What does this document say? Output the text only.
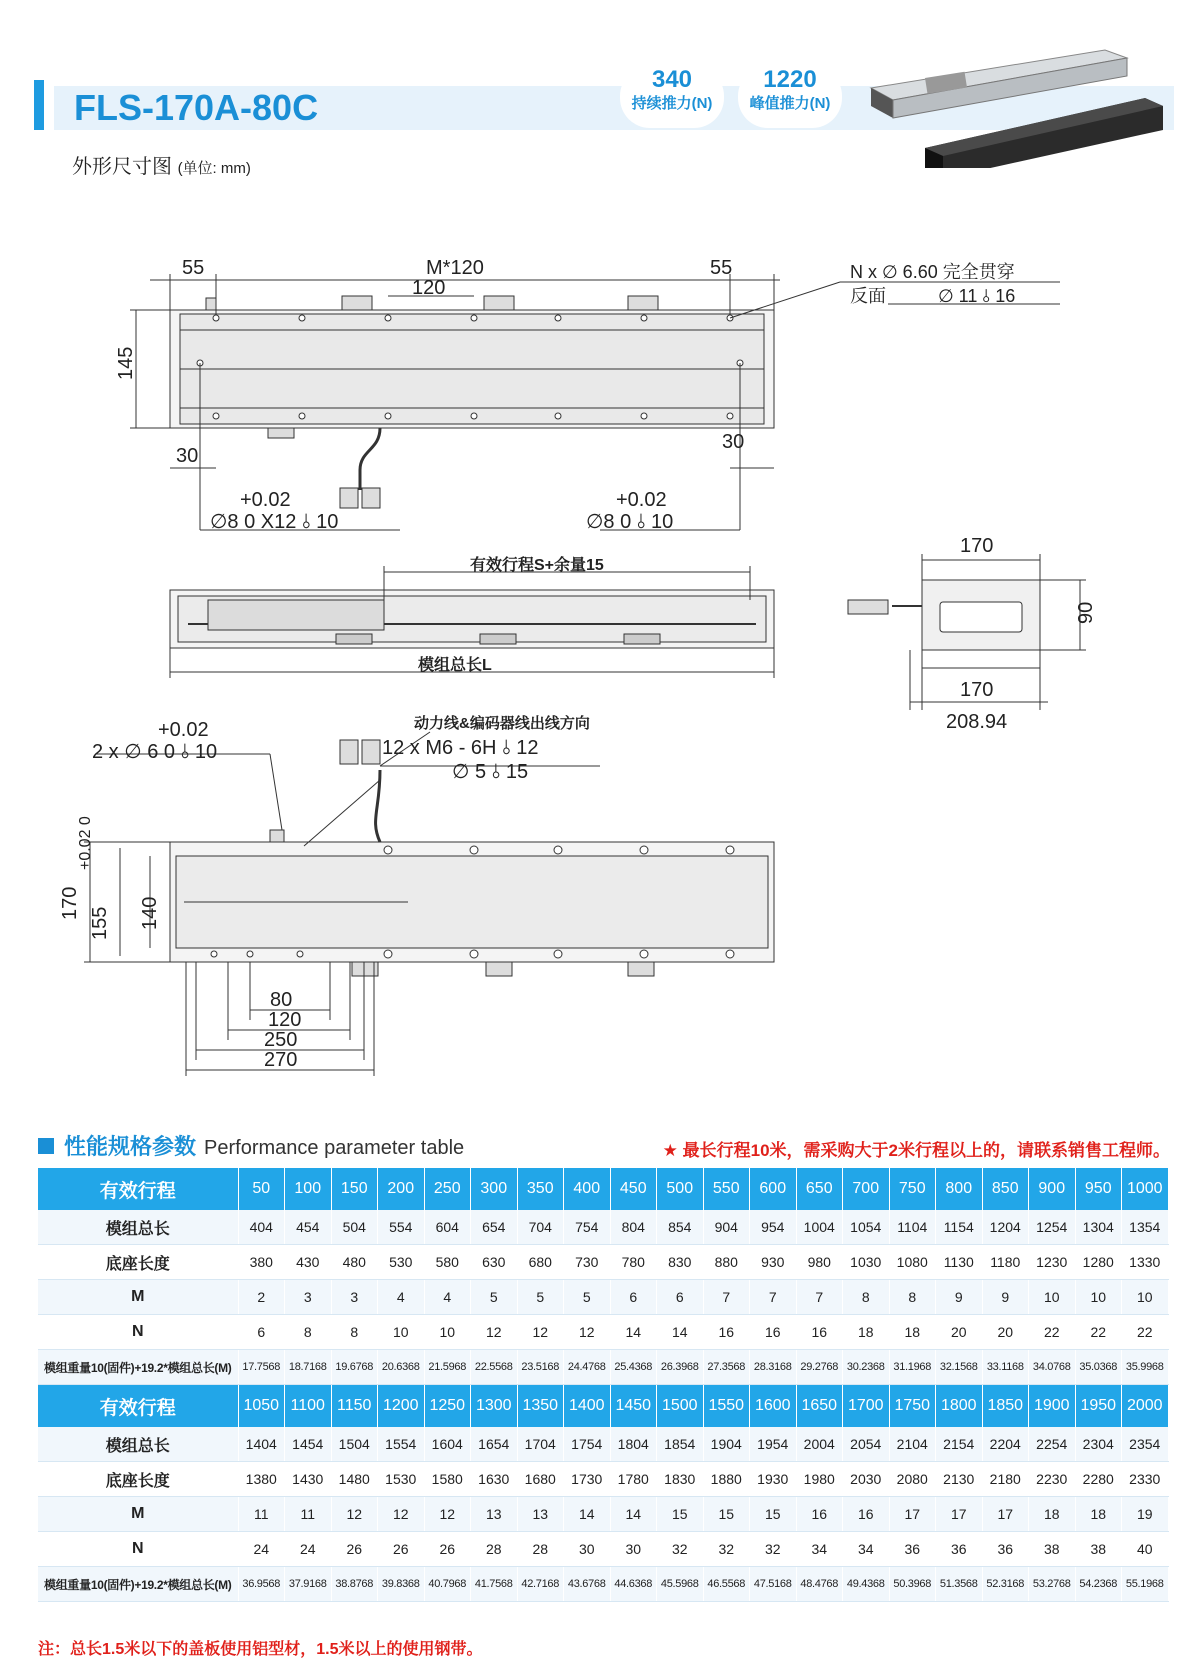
FLS-170A-80C
340
持续推力(N)
1220
峰值推力(N)
外形尺寸图 (单位: mm)
55	M*120	55
120
145
30
30
N x ∅ 6.60 完全贯穿
反面	∅ 11 ⫰ 16
+0.02
∅8 0 X12 ⫰ 10
+0.02
∅8 0 ⫰ 10
有效行程S+余量15
模组总长L
170
90
170
208.94
动力线&编码器线出线方向
+0.02
2 x ∅ 6 0 ⫰ 10	12 x M6 - 6H ⫰ 12
∅ 5 ⫰ 15
170
155
+0.02 0
140
80
120
250
270
性能规格参数 Performance parameter table	★ 最长行程10米，需采购大于2米行程以上的，请联系销售工程师。
有效行程	50	100	150	200	250	300	350	400	450	500	550	600	650	700	750	800	850	900	950	1000
模组总长	404	454	504	554	604	654	704	754	804	854	904	954	1004	1054	1104	1154	1204	1254	1304	1354
底座长度	380	430	480	530	580	630	680	730	780	830	880	930	980	1030	1080	1130	1180	1230	1280	1330
M	2	3	3	4	4	5	5	5	6	6	7	7	7	8	8	9	9	10	10	10
N	6	8	8	10	10	12	12	12	14	14	16	16	16	18	18	20	20	22	22	22
模组重量10(固件)+19.2*模组总长(M)	17.7568	18.7168	19.6768	20.6368	21.5968	22.5568	23.5168	24.4768	25.4368	26.3968	27.3568	28.3168	29.2768	30.2368	31.1968	32.1568	33.1168	34.0768	35.0368	35.9968
有效行程	1050	1100	1150	1200	1250	1300	1350	1400	1450	1500	1550	1600	1650	1700	1750	1800	1850	1900	1950	2000
模组总长	1404	1454	1504	1554	1604	1654	1704	1754	1804	1854	1904	1954	2004	2054	2104	2154	2204	2254	2304	2354
底座长度	1380	1430	1480	1530	1580	1630	1680	1730	1780	1830	1880	1930	1980	2030	2080	2130	2180	2230	2280	2330
M	11	11	12	12	12	13	13	14	14	15	15	15	16	16	17	17	17	18	18	19
N	24	24	26	26	26	28	28	30	30	32	32	32	34	34	36	36	36	38	38	40
模组重量10(固件)+19.2*模组总长(M)	36.9568	37.9168	38.8768	39.8368	40.7968	41.7568	42.7168	43.6768	44.6368	45.5968	46.5568	47.5168	48.4768	49.4368	50.3968	51.3568	52.3168	53.2768	54.2368	55.1968
注：总长1.5米以下的盖板使用铝型材，1.5米以上的使用钢带。
